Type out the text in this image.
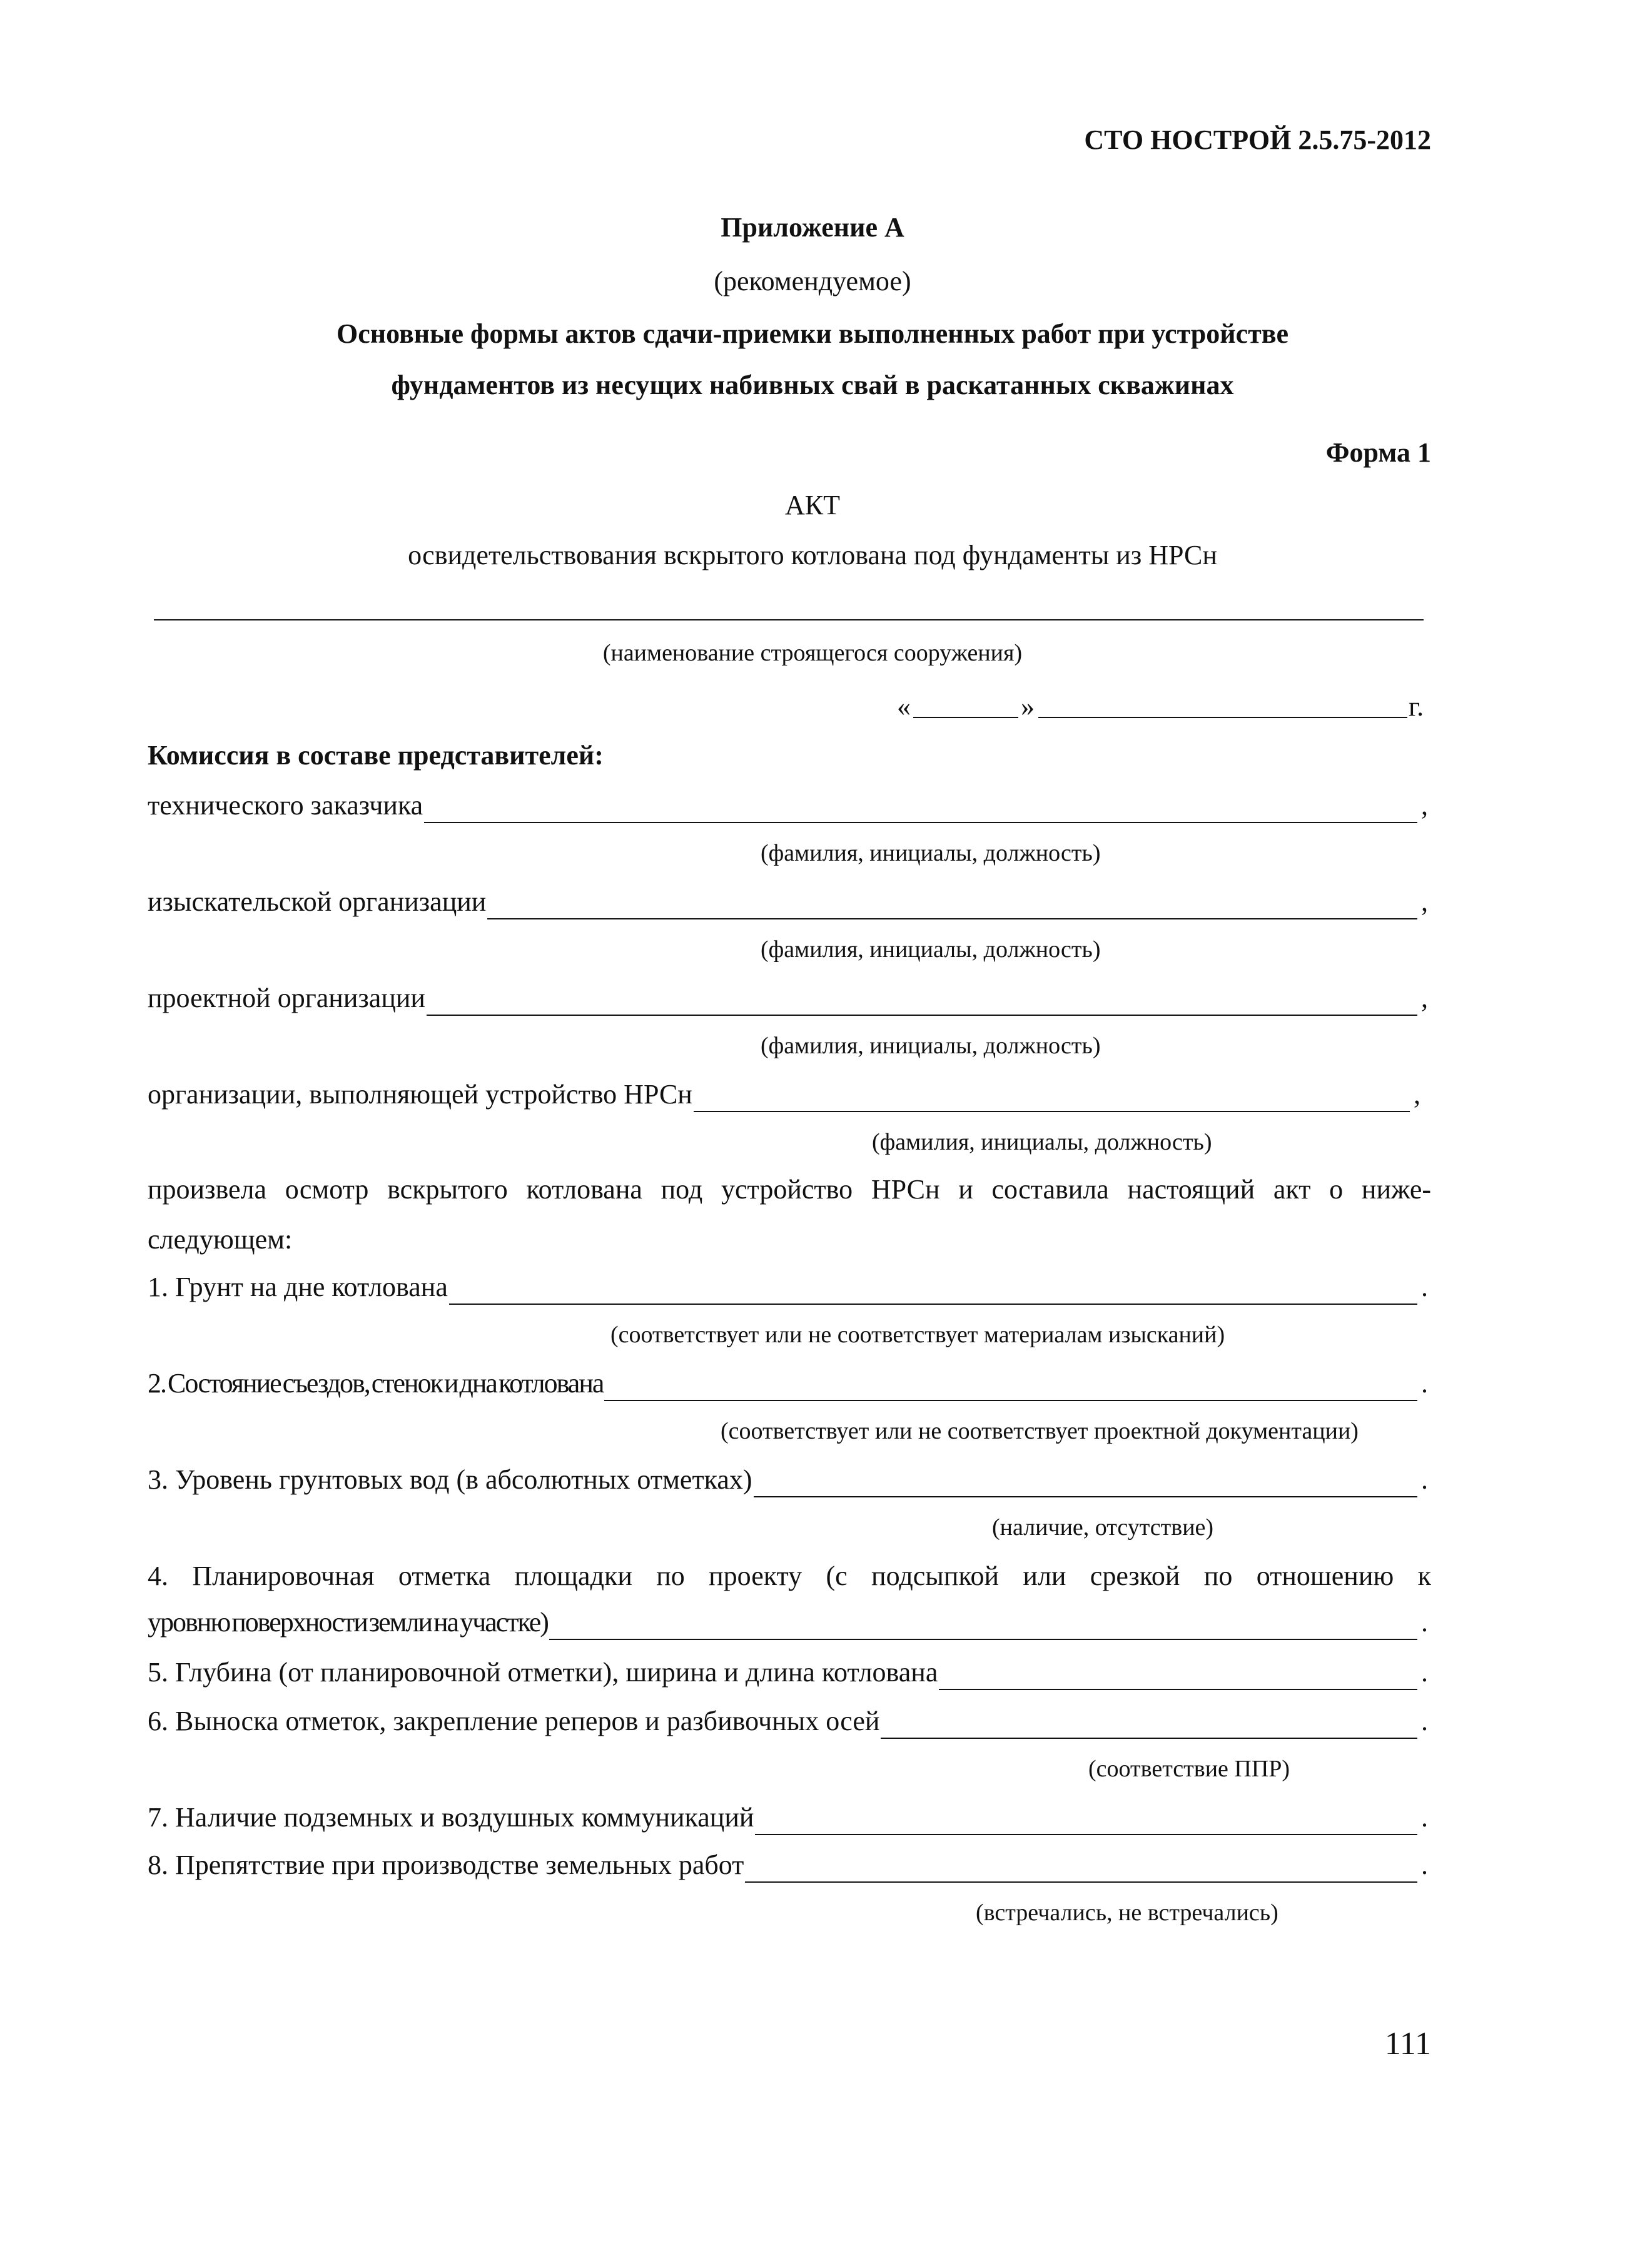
СТО НОСТРОЙ 2.5.75-2012
Приложение А
(рекомендуемое)
Основные формы актов сдачи-приемки выполненных работ при устройстве
фундаментов из несущих набивных свай в раскатанных скважинах
Форма 1
АКТ
освидетельствования вскрытого котлована под фундаменты из НРСн
(наименование строящегося сооружения)
«	»	г.
Комиссия в составе представителей:
технического заказчика	,
(фамилия, инициалы, должность)
изыскательской организации	,
(фамилия, инициалы, должность)
проектной организации	,
(фамилия, инициалы, должность)
организации, выполняющей устройство НРСн	,
(фамилия, инициалы, должность)
произвела осмотр вскрытого котлована под устройство НРСн и составила настоящий акт о ниже-
следующем:
1. Грунт на дне котлована	.
(соответствует или не соответствует материалам изысканий)
2. Состояние съездов, стенок и дна котлована	.
(соответствует или не соответствует проектной документации)
3. Уровень грунтовых вод (в абсолютных отметках)	.
(наличие, отсутствие)
4. Планировочная отметка площадки по проекту (с подсыпкой или срезкой по отношению к
уровню поверхности земли на участке)	.
5. Глубина (от планировочной отметки), ширина и длина котлована	.
6. Выноска отметок, закрепление реперов и разбивочных осей	.
(соответствие ППР)
7. Наличие подземных и воздушных коммуникаций	.
8. Препятствие при производстве земельных работ	.
(встречались, не встречались)
111
